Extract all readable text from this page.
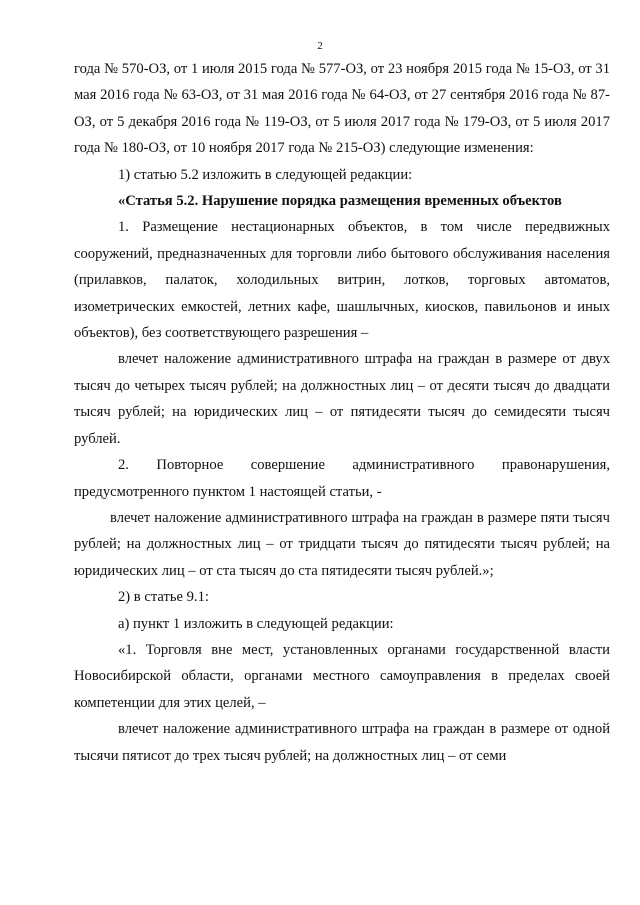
2

года № 570-ОЗ, от 1 июля 2015 года № 577-ОЗ, от 23 ноября 2015 года № 15-ОЗ, от 31 мая 2016 года № 63-ОЗ, от 31 мая 2016 года № 64-ОЗ, от 27 сентября 2016 года № 87-ОЗ, от 5 декабря 2016 года № 119-ОЗ, от 5 июля 2017 года № 179-ОЗ, от 5 июля 2017 года № 180-ОЗ, от 10 ноября 2017 года № 215-ОЗ) следующие изменения:

1) статью 5.2 изложить в следующей редакции:

«Статья 5.2. Нарушение порядка размещения временных объектов

1. Размещение нестационарных объектов, в том числе передвижных сооружений, предназначенных для торговли либо бытового обслуживания населения (прилавков, палаток, холодильных витрин, лотков, торговых автоматов, изометрических емкостей, летних кафе, шашлычных, киосков, павильонов и иных объектов), без соответствующего разрешения –

влечет наложение административного штрафа на граждан в размере от двух тысяч до четырех тысяч рублей; на должностных лиц – от десяти тысяч до двадцати тысяч рублей; на юридических лиц – от пятидесяти тысяч до семидесяти тысяч рублей.

2. Повторное совершение административного правонарушения, предусмотренного пунктом 1 настоящей статьи, -

влечет наложение административного штрафа на граждан в размере пяти тысяч рублей; на должностных лиц – от тридцати тысяч до пятидесяти тысяч рублей; на юридических лиц – от ста тысяч до ста пятидесяти тысяч рублей.»;

2) в статье 9.1:

а) пункт 1 изложить в следующей редакции:

«1. Торговля вне мест, установленных органами государственной власти Новосибирской области, органами местного самоуправления в пределах своей компетенции для этих целей, –

влечет наложение административного штрафа на граждан в размере от одной тысячи пятисот до трех тысяч рублей; на должностных лиц – от семи
